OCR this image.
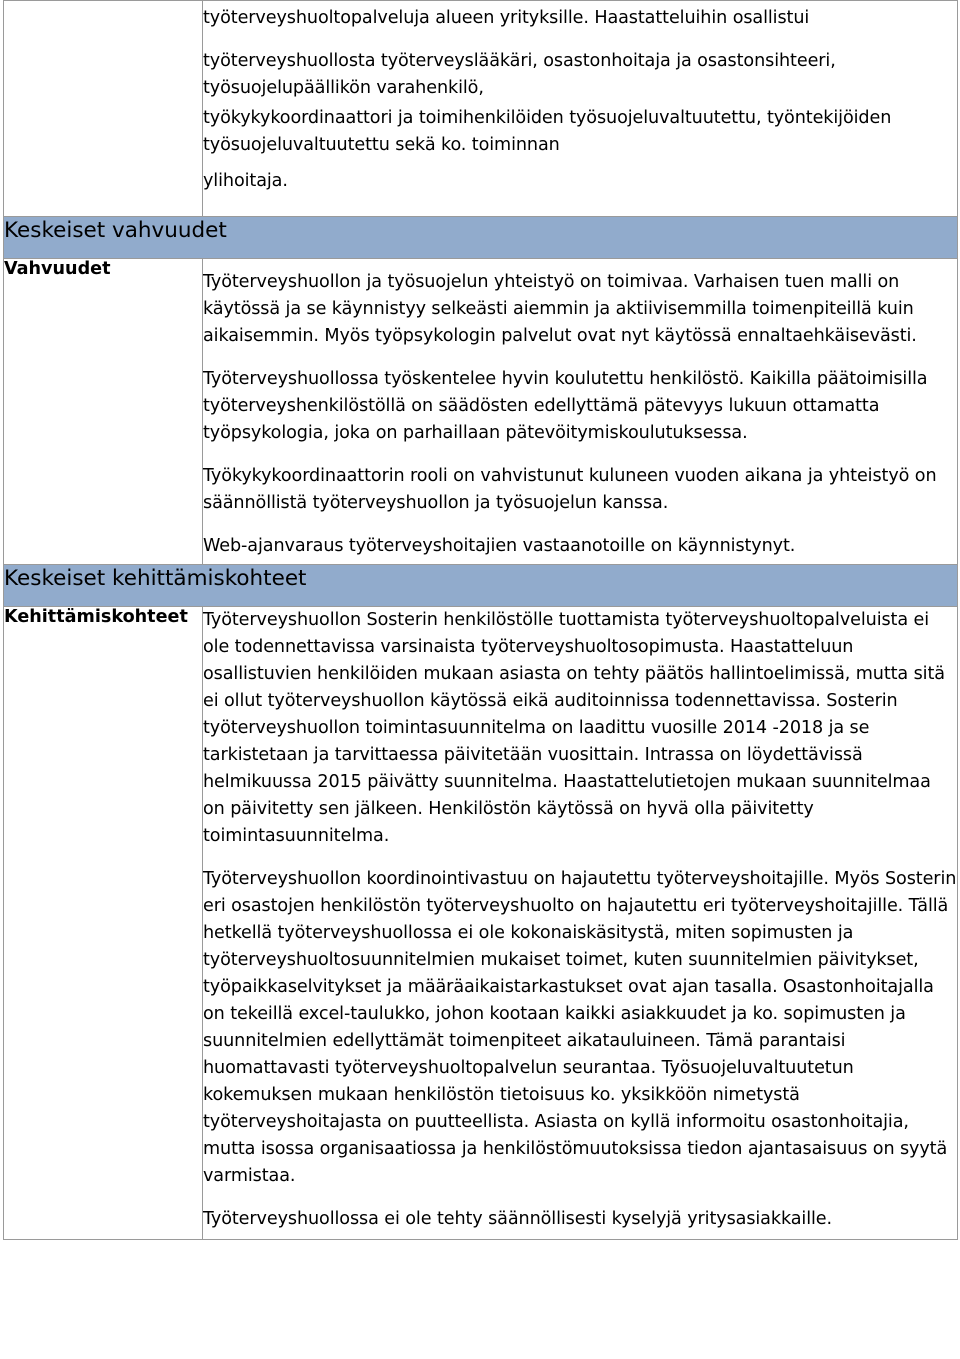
	työterveyshuoltopalveluja alueen yrityksille. Haastatteluihin osallistui

työterveyshuollosta työterveyslääkäri, osastonhoitaja ja osastonsihteeri, työsuojelupäällikön varahenkilö,

työkykykoordinaattori ja toimihenkilöiden työsuojeluvaltuutettu, työntekijöiden työsuojeluvaltuutettu sekä ko. toiminnan

ylihoitaja.

Keskeiset vahvuudet	
Vahvuudet	Työterveyshuollon ja työsuojelun yhteistyö on toimivaa. Varhaisen tuen malli on käytössä ja se käynnistyy selkeästi aiemmin ja aktiivisemmilla toimenpiteillä kuin aikaisemmin. Myös työpsykologin palvelut ovat nyt käytössä ennaltaehkäisevästi.

Työterveyshuollossa työskentelee hyvin koulutettu henkilöstö. Kaikilla päätoimisilla työterveyshenkilöstöllä on säädösten edellyttämä pätevyys lukuun ottamatta työpsykologia, joka on parhaillaan pätevöitymiskoulutuksessa.

Työkykykoordinaattorin rooli on vahvistunut kuluneen vuoden aikana ja yhteistyö on säännöllistä työterveyshuollon ja työsuojelun kanssa.

Web-ajanvaraus työterveyshoitajien vastaanotoille on käynnistynyt.

Keskeiset kehittämiskohteet	
Kehittämiskohteet	Työterveyshuollon Sosterin henkilöstölle tuottamista työterveyshuoltopalveluista ei ole todennettavissa varsinaista työterveyshuoltosopimusta. Haastatteluun osallistuvien henkilöiden mukaan asiasta on tehty päätös hallintoelimissä, mutta sitä ei ollut työterveyshuollon käytössä eikä auditoinnissa todennettavissa. Sosterin työterveyshuollon toimintasuunnitelma on laadittu vuosille 2014 -2018 ja se tarkistetaan ja tarvittaessa päivitetään vuosittain. Intrassa on löydettävissä helmikuussa 2015 päivätty suunnitelma. Haastattelutietojen mukaan suunnitelmaa on päivitetty sen jälkeen. Henkilöstön käytössä on hyvä olla päivitetty toimintasuunnitelma.

Työterveyshuollon koordinointivastuu on hajautettu työterveyshoitajille. Myös Sosterin eri osastojen henkilöstön työterveyshuolto on hajautettu eri työterveyshoitajille. Tällä hetkellä työterveyshuollossa ei ole kokonaiskäsitystä, miten sopimusten ja työterveyshuoltosuunnitelmien mukaiset toimet, kuten suunnitelmien päivitykset, työpaikkaselvitykset ja määräaikaistarkastukset ovat ajan tasalla. Osastonhoitajalla on tekeillä excel-taulukko, johon kootaan kaikki asiakkuudet ja ko. sopimusten ja suunnitelmien edellyttämät toimenpiteet aikatauluineen. Tämä parantaisi huomattavasti työterveyshuoltopalvelun seurantaa. Työsuojeluvaltuutetun kokemuksen mukaan henkilöstön tietoisuus ko. yksikköön nimetystä työterveyshoitajasta on puutteellista. Asiasta on kyllä informoitu osastonhoitajia, mutta isossa organisaatiossa ja henkilöstömuutoksissa tiedon ajantasaisuus on syytä varmistaa.

Työterveyshuollossa ei ole tehty säännöllisesti kyselyjä yritysasiakkaille.
